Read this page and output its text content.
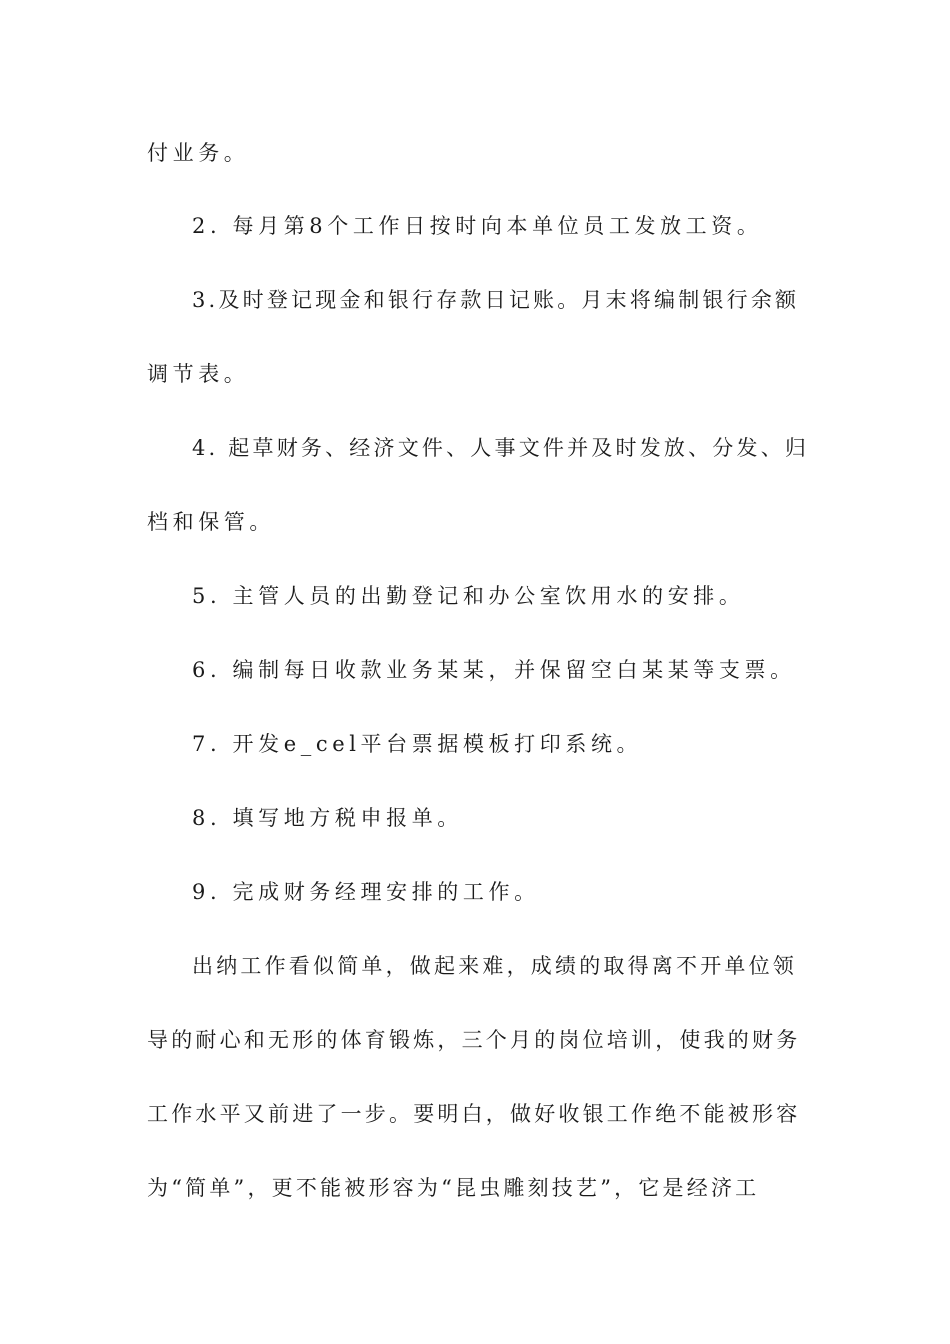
付业务。
2. 每月第8个工作日按时向本单位员工发放工资。
3.及时登记现金和银行存款日记账。月末将编制银行余额
调节表。
4. 起草财务、经济文件、人事文件并及时发放、分发、归
档和保管。
5. 主管人员的出勤登记和办公室饮用水的安排。
6. 编制每日收款业务某某，并保留空白某某等支票。
7. 开发e_cel平台票据模板打印系统。
8. 填写地方税申报单。
9. 完成财务经理安排的工作。
出纳工作看似简单，做起来难，成绩的取得离不开单位领
导的耐心和无形的体育锻炼，三个月的岗位培训，使我的财务
工作水平又前进了一步。要明白，做好收银工作绝不能被形容
为“简单”，更不能被形容为“昆虫雕刻技艺”，它是经济工
